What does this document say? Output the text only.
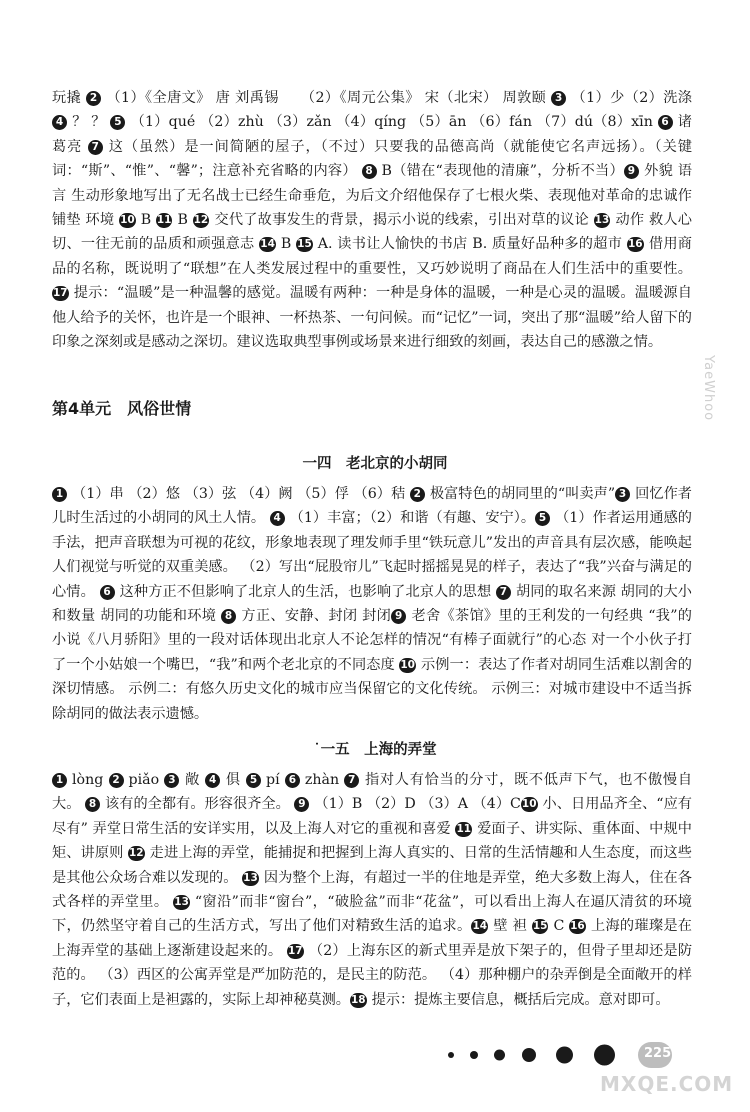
玩撬 2 （1）《全唐文》 唐 刘禹锡　　（2）《周元公集》 宋（北宋） 周敦颐 3 （1）少（2）洗涤 4 ？ ？ 5 （1）qué （2）zhù （3）zǎn （4）qíng （5）ān （6）fán （7）dú（8）xīn 6 诸葛亮 7 这（虽然）是一间简陋的屋子，（不过）只要我的品德高尚（就能使它名声远扬）。（关键词：“斯”、“惟”、“馨”；注意补充省略的内容） 8 B（错在“表现他的清廉”，分析不当） 9 外貌 语言 生动形象地写出了无名战士已经生命垂危，为后文介绍他保存了七根火柴、表现他对革命的忠诚作铺垫 环境 10 B 11 B 12 交代了故事发生的背景，揭示小说的线索，引出对草的议论 13 动作 救人心切、一往无前的品质和顽强意志 14 B 15 A. 读书让人愉快的书店 B. 质量好品种多的超市 16 借用商品的名称，既说明了“联想”在人类发展过程中的重要性，又巧妙说明了商品在人们生活中的重要性。 17 提示：“温暖”是一种温馨的感觉。温暖有两种：一种是身体的温暖，一种是心灵的温暖。温暖源自他人给予的关怀，也许是一个眼神、一杯热茶、一句问候。而“记忆”一词，突出了那“温暖”给人留下的印象之深刻或是感动之深切。建议选取典型事例或场景来进行细致的刻画，表达自己的感激之情。

第4单元　风俗世情
一四　老北京的小胡同

1 （1）串 （2）悠 （3）弦 （4）阙 （5）俘 （6）秸 2 极富特色的胡同里的“叫卖声” 3 回忆作者儿时生活过的小胡同的风土人情。 4 （1）丰富；（2）和谐（有趣、安宁）。 5 （1）作者运用通感的手法，把声音联想为可视的花纹，形象地表现了理发师手里“铁玩意儿”发出的声音具有层次感，能唤起人们视觉与听觉的双重美感。 （2）写出“屁股帘儿”飞起时摇摇晃晃的样子，表达了“我”兴奋与满足的心情。 6 这种方正不但影响了北京人的生活，也影响了北京人的思想 7 胡同的取名来源 胡同的大小和数量 胡同的功能和环境 8 方正、安静、封闭 封闭 9 老舍《茶馆》里的王利发的一句经典 “我”的小说《八月骄阳》里的一段对话体现出北京人不论怎样的情况“有棒子面就行”的心态 对一个小伙子打了一个小姑娘一个嘴巴，“我”和两个老北京的不同态度 10 示例一：表达了作者对胡同生活难以割舍的深切情感。 示例二：有悠久历史文化的城市应当保留它的文化传统。 示例三：对城市建设中不适当拆除胡同的做法表示遗憾。

˙一五　上海的弄堂

1 lòng 2 piǎo 3 敞 4 俱 5 pí 6 zhàn 7 指对人有恰当的分寸，既不低声下气，也不傲慢自大。 8 该有的全都有。形容很齐全。 9 （1）B （2）D （3）A （4）C10 小、日用品齐全、“应有尽有” 弄堂日常生活的安详实用，以及上海人对它的重视和喜爱 11 爱面子、讲实际、重体面、中规中矩、讲原则 12 走进上海的弄堂，能捕捉和把握到上海人真实的、日常的生活情趣和人生态度，而这些是其他公众场合难以发现的。 13 因为整个上海，有超过一半的住地是弄堂，绝大多数上海人，住在各式各样的弄堂里。 13 “窗沿”而非“窗台”，“破脸盆”而非“花盆”，可以看出上海人在逼仄清贫的环境下，仍然坚守着自己的生活方式，写出了他们对精致生活的追求。14 壁 袒 15 C 16 上海的璀璨是在上海弄堂的基础上逐渐建设起来的。 17 （2）上海东区的新式里弄是放下架子的，但骨子里却还是防范的。 （3）西区的公寓弄堂是严加防范的，是民主的防范。 （4）那种棚户的杂弄倒是全面敞开的样子，它们表面上是袒露的，实际上却神秘莫测。18 提示：提炼主要信息，概括后完成。意对即可。

YaeWhoo
225
MXQE.COM
